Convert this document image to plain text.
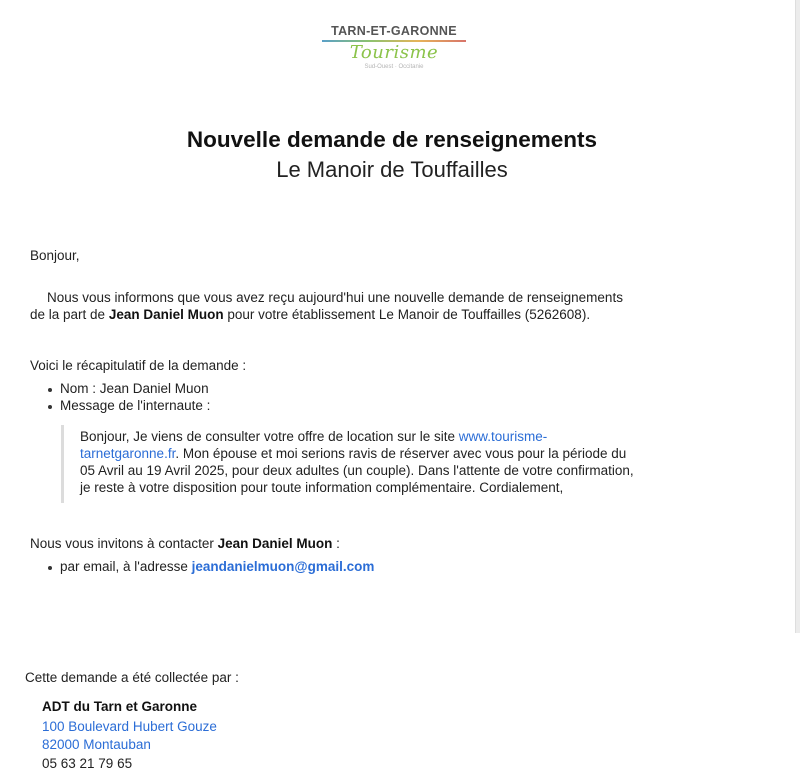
TARN-ET-GARONNE
Tourisme
Sud-Ouest · Occitanie
Nouvelle demande de renseignements
Le Manoir de Touffailles
Bonjour,
Nous vous informons que vous avez reçu aujourd'hui une nouvelle demande de renseignements
de la part de Jean Daniel Muon pour votre établissement Le Manoir de Touffailles (5262608).
Voici le récapitulatif de la demande :
Nom : Jean Daniel Muon
Message de l'internaute :
Bonjour, Je viens de consulter votre offre de location sur le site www.tourisme-
tarnetgaronne.fr. Mon épouse et moi serions ravis de réserver avec vous pour la période du
05 Avril au 19 Avril 2025, pour deux adultes (un couple). Dans l'attente de votre confirmation,
je reste à votre disposition pour toute information complémentaire. Cordialement,
Nous vous invitons à contacter Jean Daniel Muon :
par email, à l'adresse jeandanielmuon@gmail.com
Cette demande a été collectée par :
ADT du Tarn et Garonne
100 Boulevard Hubert Gouze
82000 Montauban
05 63 21 79 65
